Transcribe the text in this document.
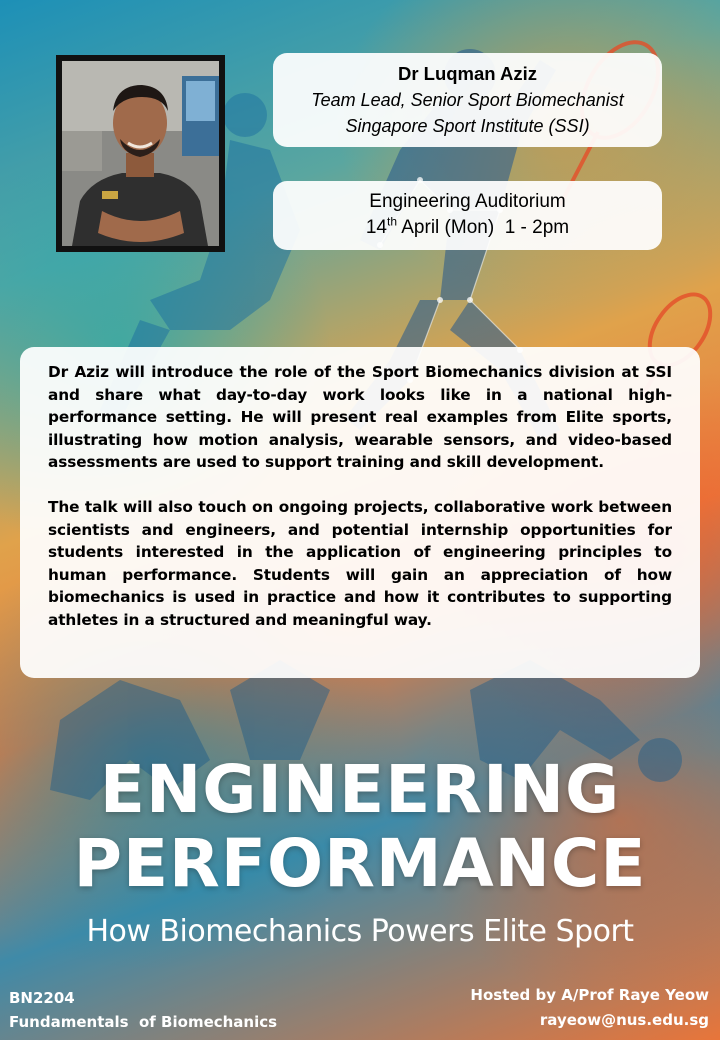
Dr Luqman Aziz
Team Lead, Senior Sport Biomechanist
Singapore Sport Institute (SSI)
Engineering Auditorium
14th April (Mon)  1 - 2pm

Dr Aziz will introduce the role of the Sport Biomechanics division at SSI and share what day-to-day work looks like in a national high-performance setting. He will present real examples from Elite sports, illustrating how motion analysis, wearable sensors, and video-based assessments are used to support training and skill development.

The talk will also touch on ongoing projects, collaborative work between scientists and engineers, and potential internship opportunities for students interested in the application of engineering principles to human performance. Students will gain an appreciation of how biomechanics is used in practice and how it contributes to supporting athletes in a structured and meaningful way.

ENGINEERING
PERFORMANCE
How Biomechanics Powers Elite Sport
BN2204
Fundamentals  of Biomechanics
Hosted by A/Prof Raye Yeow
rayeow@nus.edu.sg
